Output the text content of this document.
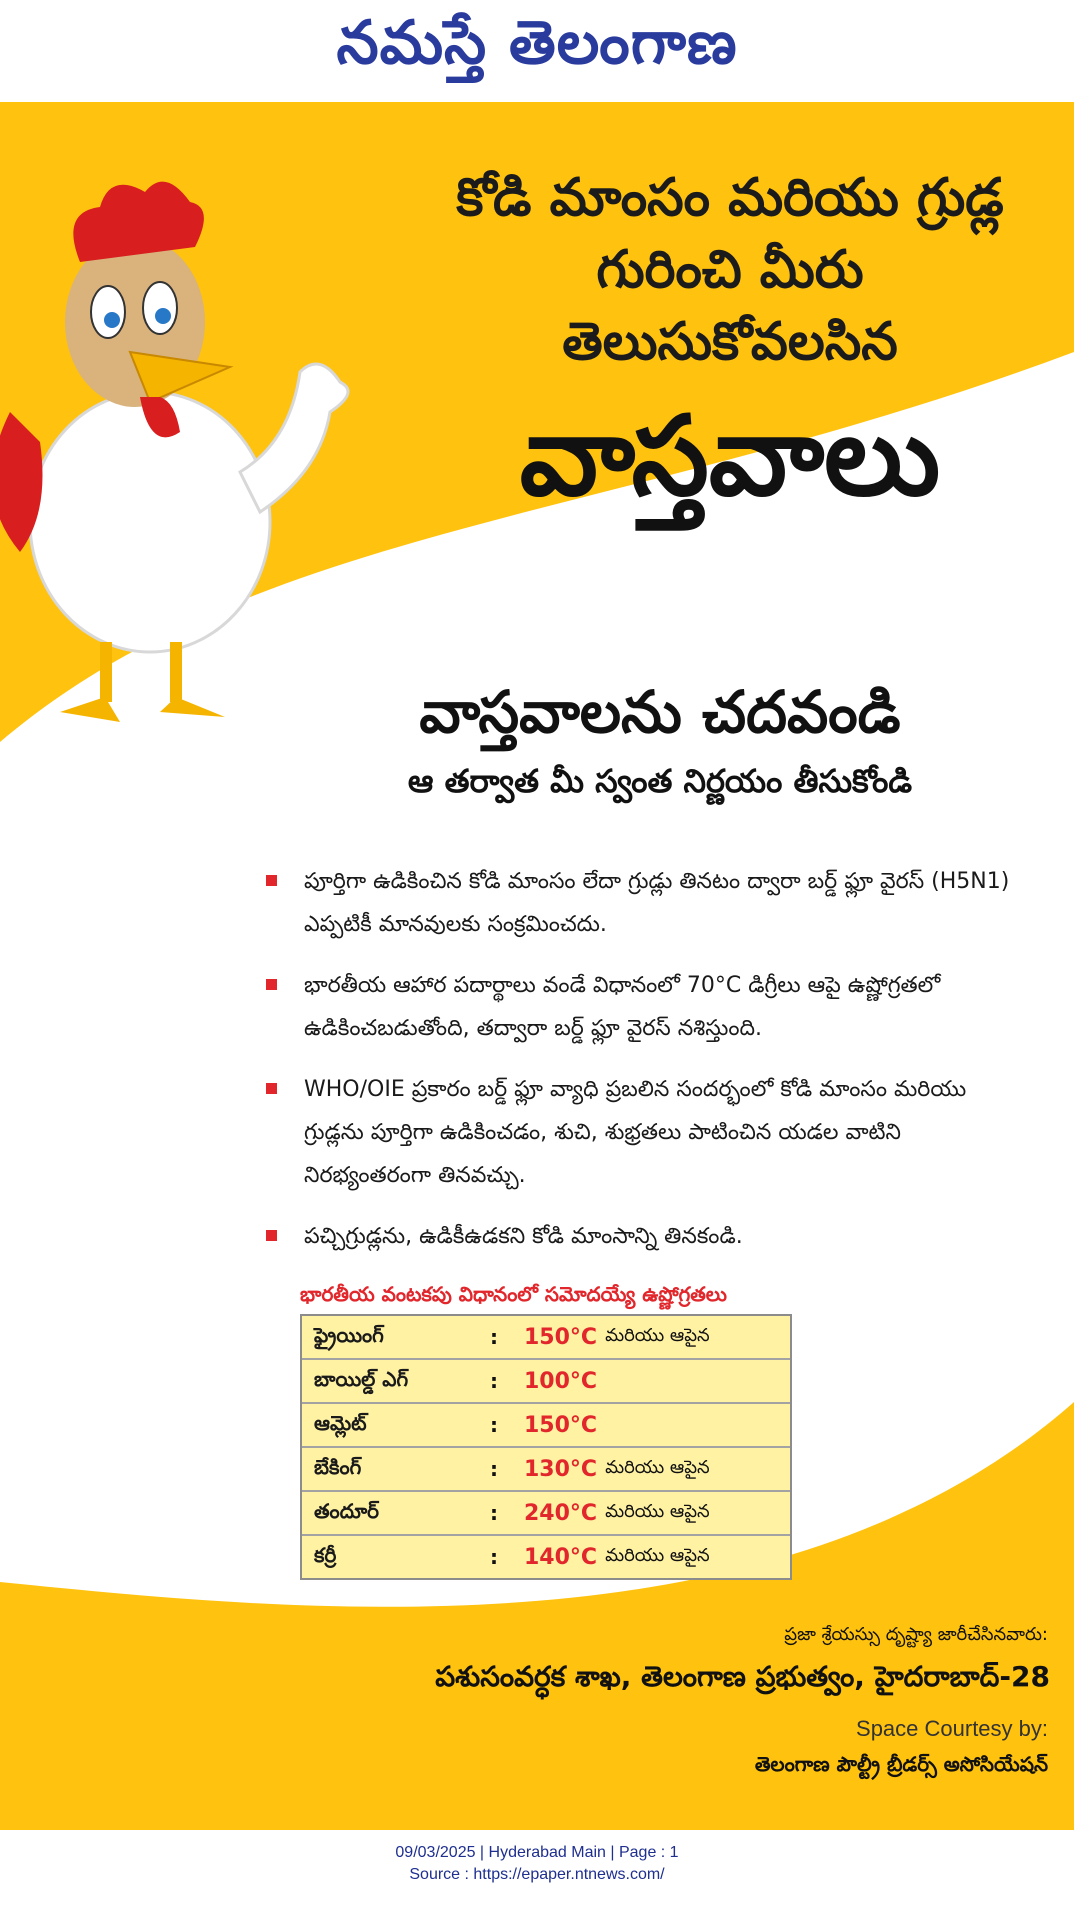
నమస్తే తెలంగాణ
కోడి మాంసం మరియు గ్రుడ్ల
గురించి మీరు తెలుసుకోవలసిన
వాస్తవాలు
వాస్తవాలను చదవండి
ఆ తర్వాత మీ స్వంత నిర్ణయం తీసుకోండి
పూర్తిగా ఉడికించిన కోడి మాంసం లేదా గ్రుడ్లు తినటం ద్వారా బర్డ్ ఫ్లూ వైరస్ (H5N1) ఎప్పటికీ మానవులకు సంక్రమించదు.
భారతీయ ఆహార పదార్థాలు వండే విధానంలో 70°C డిగ్రీలు ఆపై ఉష్ణోగ్రతలో ఉడికించబడుతోంది, తద్వారా బర్డ్ ఫ్లూ వైరస్ నశిస్తుంది.
WHO/OIE ప్రకారం బర్డ్ ఫ్లూ వ్యాధి ప్రబలిన సందర్భంలో కోడి మాంసం మరియు గ్రుడ్లను పూర్తిగా ఉడికించడం, శుచి, శుభ్రతలు పాటించిన యడల వాటిని నిరభ్యంతరంగా తినవచ్చు.
పచ్చిగ్రుడ్లను, ఉడికీఉడకని కోడి మాంసాన్ని తినకండి.
భారతీయ వంటకపు విధానంలో సమోదయ్యే ఉష్ణోగ్రతలు
ఫ్రైయింగ్	:	150°C మరియు ఆపైన
బాయిల్డ్ ఎగ్	:	100°C
ఆమ్లెట్	:	150°C
బేకింగ్	:	130°C మరియు ఆపైన
తందూర్	:	240°C మరియు ఆపైన
కర్రీ	:	140°C మరియు ఆపైన
ప్రజా శ్రేయస్సు దృష్ట్యా జారీచేసినవారు:
పశుసంవర్ధక శాఖ, తెలంగాణ ప్రభుత్వం, హైదరాబాద్-28
Space Courtesy by:
తెలంగాణ పౌల్ట్రీ బ్రీడర్స్ అసోసియేషన్
09/03/2025 | Hyderabad Main | Page : 1
Source : https://epaper.ntnews.com/
